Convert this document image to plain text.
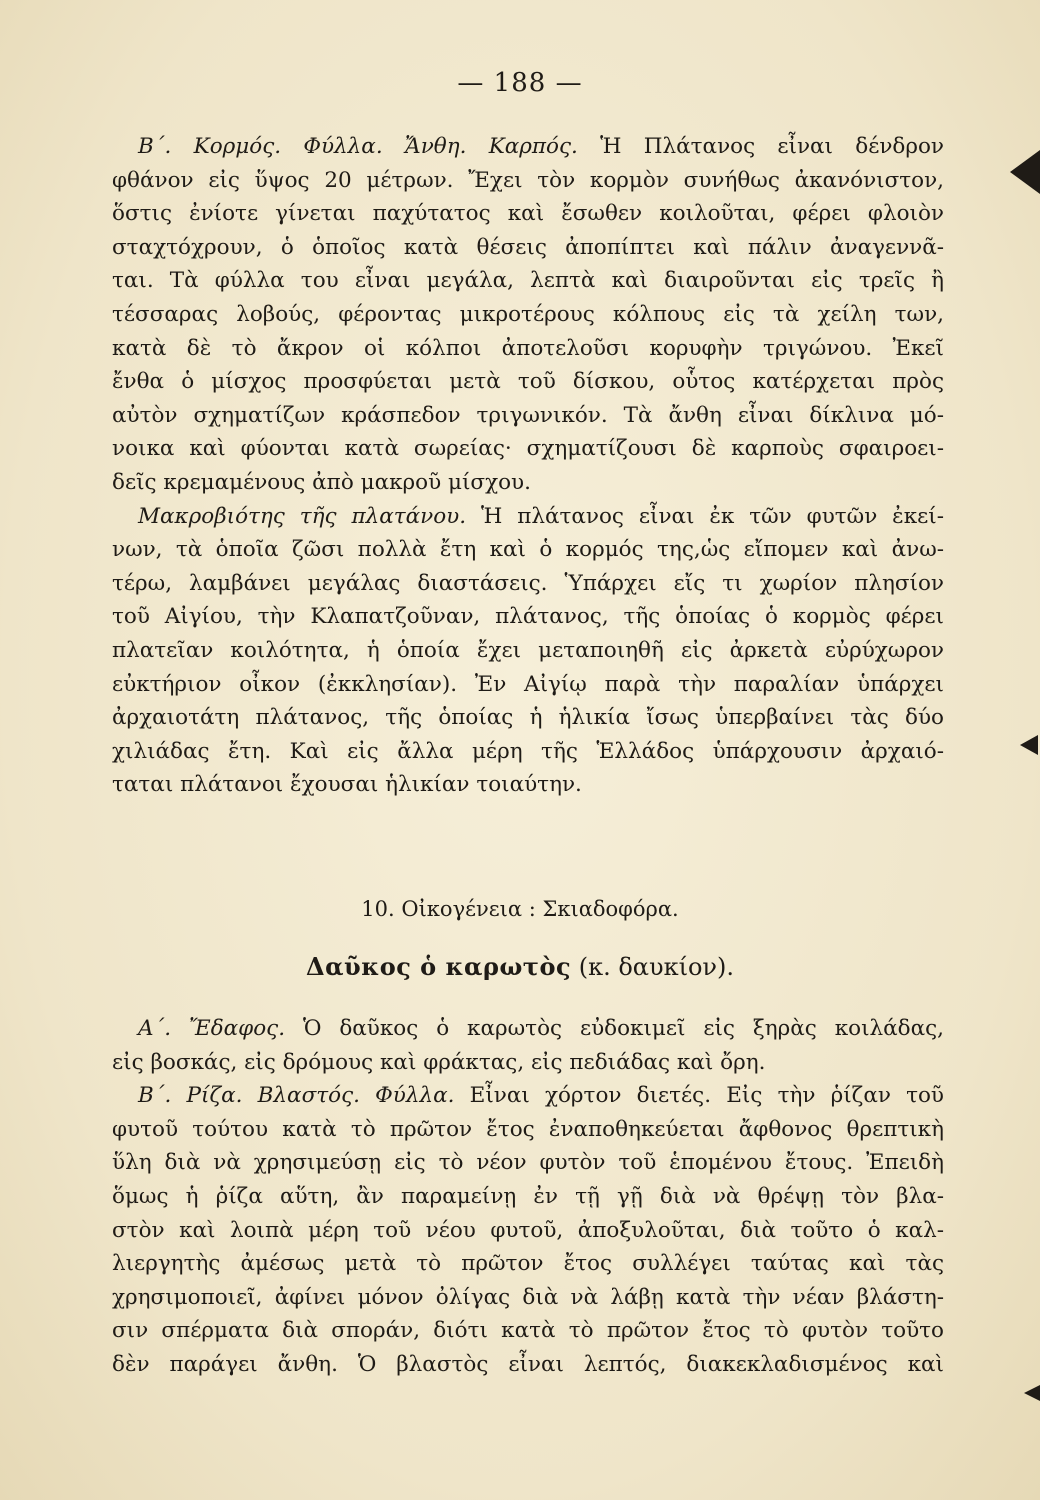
— 188 —
Β΄. Κορμός. Φύλλα. Ἄνθη. Καρπός. Ἡ Πλάτανος εἶναι δένδρον
φθάνον εἰς ὕψος 20 μέτρων. Ἔχει τὸν κορμὸν συνήθως ἀκανόνιστον,
ὅστις ἐνίοτε γίνεται παχύτατος καὶ ἔσωθεν κοιλοῦται, φέρει φλοιὸν
σταχτόχρουν, ὁ ὁποῖος κατὰ θέσεις ἀποπίπτει καὶ πάλιν ἀναγεννᾶ-
ται. Τὰ φύλλα του εἶναι μεγάλα, λεπτὰ καὶ διαιροῦνται εἰς τρεῖς ἢ
τέσσαρας λοβούς, φέροντας μικροτέρους κόλπους εἰς τὰ χείλη των,
κατὰ δὲ τὸ ἄκρον οἱ κόλποι ἀποτελοῦσι κορυφὴν τριγώνου. Ἐκεῖ
ἔνθα ὁ μίσχος προσφύεται μετὰ τοῦ δίσκου, οὗτος κατέρχεται πρὸς
αὐτὸν σχηματίζων κράσπεδον τριγωνικόν. Τὰ ἄνθη εἶναι δίκλινα μό-
νοικα καὶ φύονται κατὰ σωρείας· σχηματίζουσι δὲ καρποὺς σφαιροει-
δεῖς κρεμαμένους ἀπὸ μακροῦ μίσχου.
Μακροβιότης τῆς πλατάνου. Ἡ πλάτανος εἶναι ἐκ τῶν φυτῶν ἐκεί-
νων, τὰ ὁποῖα ζῶσι πολλὰ ἔτη καὶ ὁ κορμός της,ὡς εἴπομεν καὶ ἀνω-
τέρω, λαμβάνει μεγάλας διαστάσεις. Ὑπάρχει εἴς τι χωρίον πλησίον
τοῦ Αἰγίου, τὴν Κλαπατζοῦναν, πλάτανος, τῆς ὁποίας ὁ κορμὸς φέρει
πλατεῖαν κοιλότητα, ἡ ὁποία ἔχει μεταποιηθῆ εἰς ἀρκετὰ εὐρύχωρον
εὐκτήριον οἶκον (ἐκκλησίαν). Ἐν Αἰγίῳ παρὰ τὴν παραλίαν ὑπάρχει
ἀρχαιοτάτη πλάτανος, τῆς ὁποίας ἡ ἡλικία ἴσως ὑπερβαίνει τὰς δύο
χιλιάδας ἔτη. Καὶ εἰς ἄλλα μέρη τῆς Ἑλλάδος ὑπάρχουσιν ἀρχαιό-
ταται πλάτανοι ἔχουσαι ἡλικίαν τοιαύτην.
10. Οἰκογένεια : Σκιαδοφόρα.
Δαῦκος ὁ καρωτὸς (κ. δαυκίον).
Α΄. Ἔδαφος. Ὁ δαῦκος ὁ καρωτὸς εὐδοκιμεῖ εἰς ξηρὰς κοιλάδας,
εἰς βοσκάς, εἰς δρόμους καὶ φράκτας, εἰς πεδιάδας καὶ ὄρη.
Β΄. Ρίζα. Βλαστός. Φύλλα. Εἶναι χόρτον διετές. Εἰς τὴν ῥίζαν τοῦ
φυτοῦ τούτου κατὰ τὸ πρῶτον ἔτος ἐναποθηκεύεται ἄφθονος θρεπτικὴ
ὕλη διὰ νὰ χρησιμεύσῃ εἰς τὸ νέον φυτὸν τοῦ ἑπομένου ἔτους. Ἐπειδὴ
ὅμως ἡ ῥίζα αὕτη, ἂν παραμείνῃ ἐν τῇ γῇ διὰ νὰ θρέψῃ τὸν βλα-
στὸν καὶ λοιπὰ μέρη τοῦ νέου φυτοῦ, ἀποξυλοῦται, διὰ τοῦτο ὁ καλ-
λιεργητὴς ἀμέσως μετὰ τὸ πρῶτον ἔτος συλλέγει ταύτας καὶ τὰς
χρησιμοποιεῖ, ἀφίνει μόνον ὀλίγας διὰ νὰ λάβῃ κατὰ τὴν νέαν βλάστη-
σιν σπέρματα διὰ σποράν, διότι κατὰ τὸ πρῶτον ἔτος τὸ φυτὸν τοῦτο
δὲν παράγει ἄνθη. Ὁ βλαστὸς εἶναι λεπτός, διακεκλαδισμένος καὶ
